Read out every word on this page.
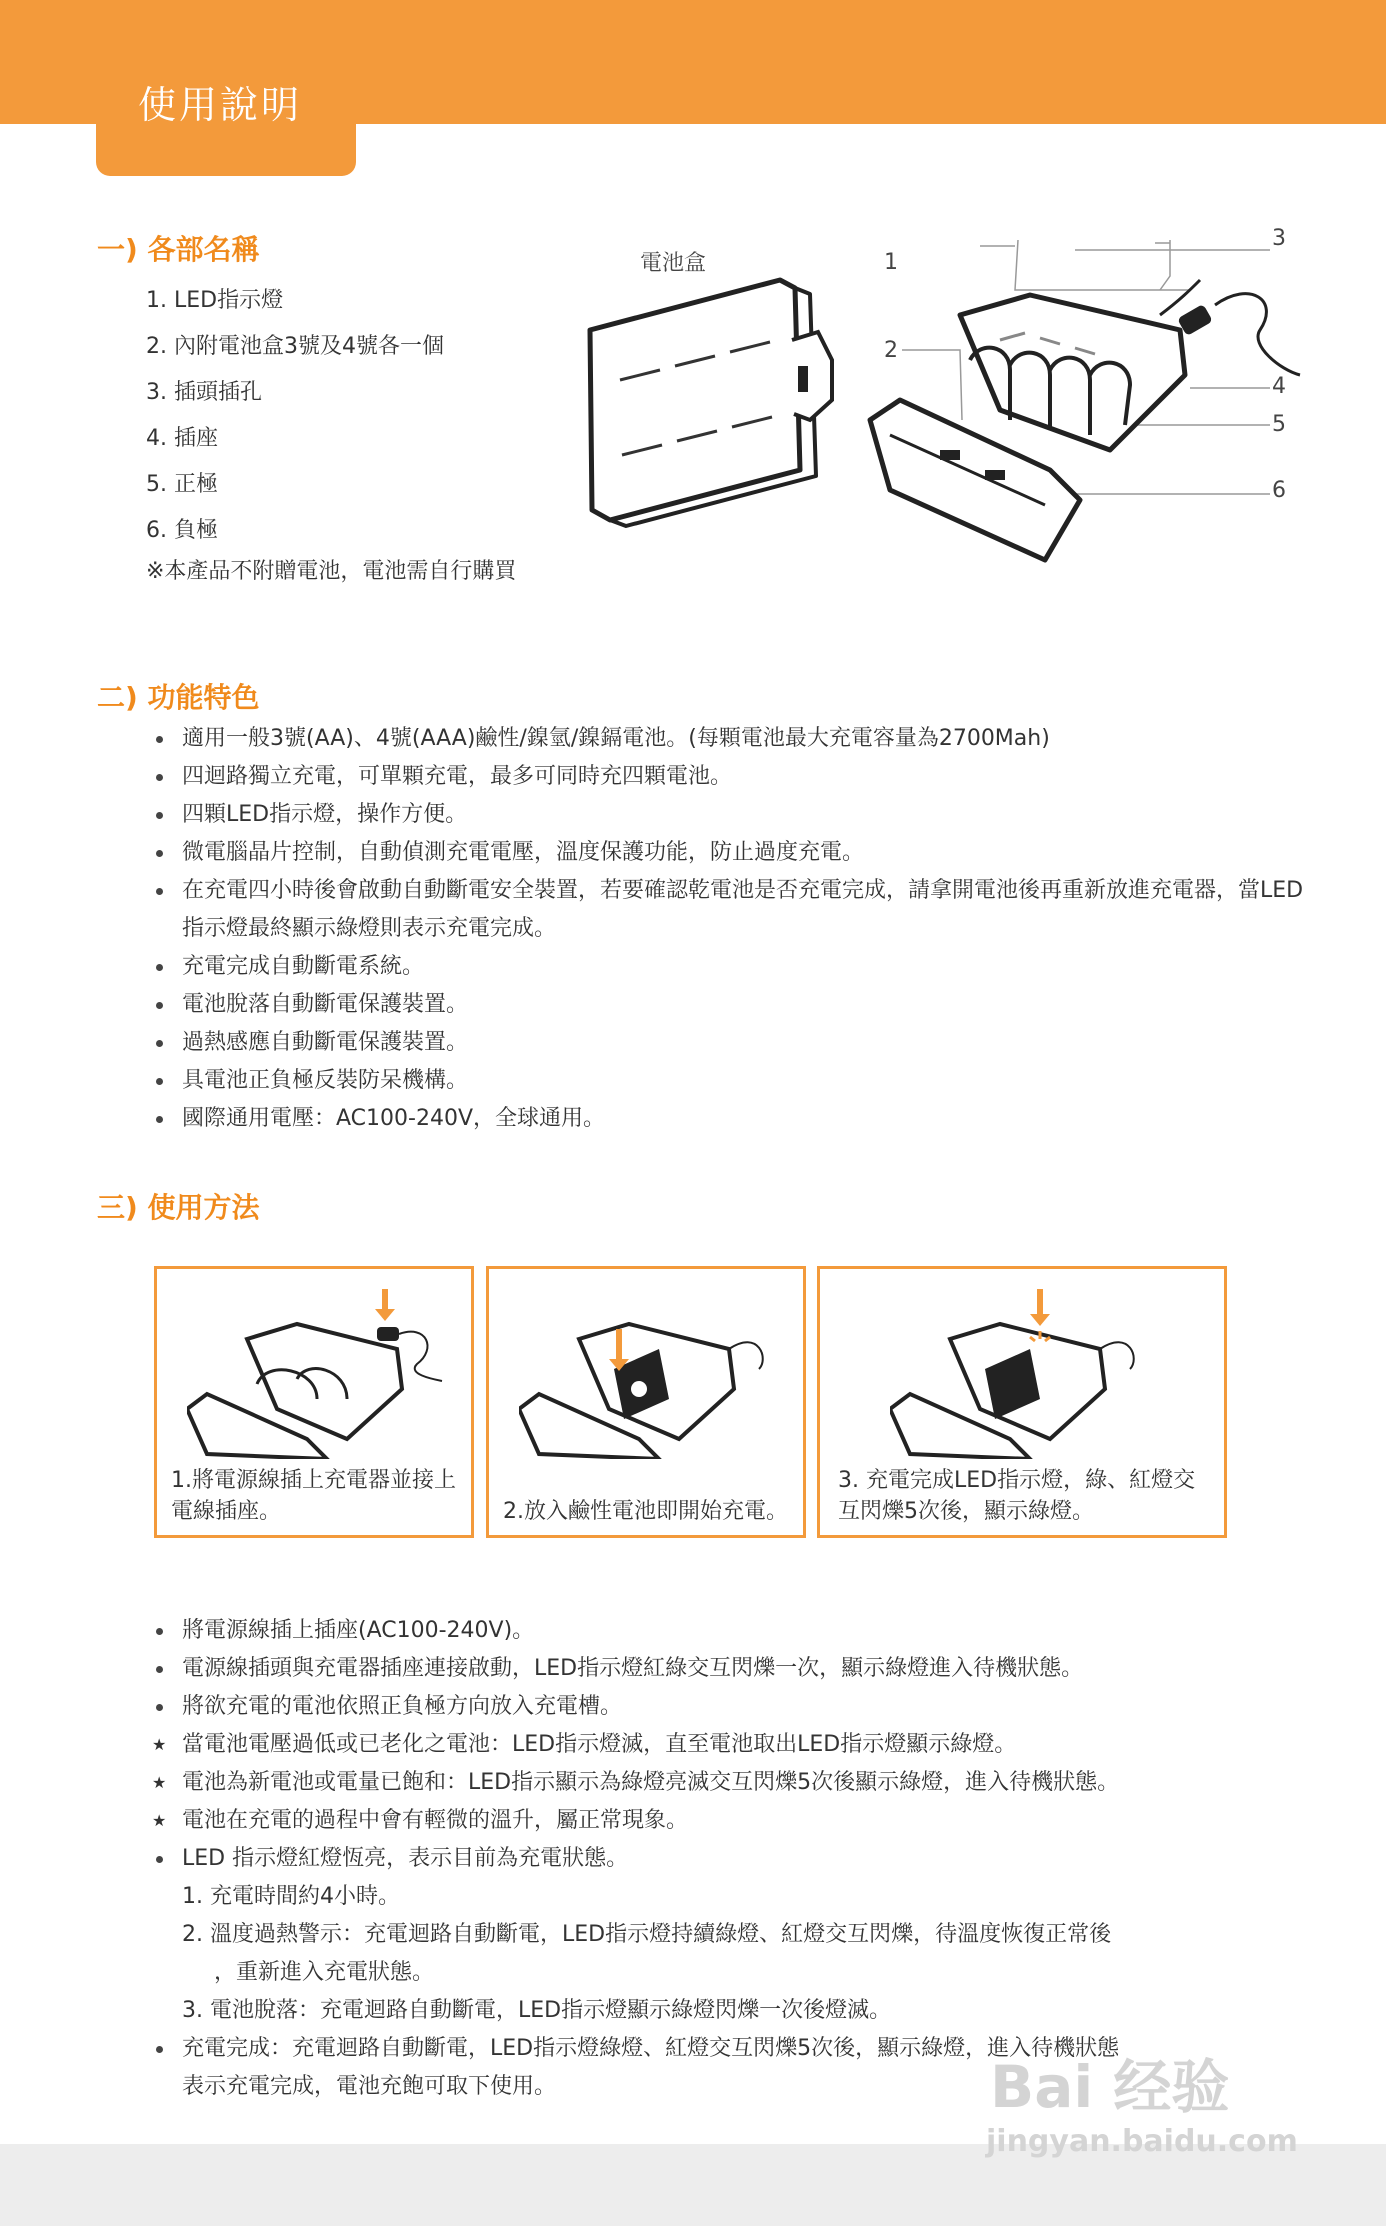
使用說明
一) 各部名稱
1. LED指示燈
2. 內附電池盒3號及4號各一個
3. 插頭插孔
4. 插座
5. 正極
6. 負極
※本產品不附贈電池，電池需自行購買
電池盒	1
2
3
4
5
6
二) 功能特色
適用一般3號(AA)、4號(AAA)鹼性/鎳氫/鎳鎘電池。(每顆電池最大充電容量為2700Mah)
四迴路獨立充電，可單顆充電，最多可同時充四顆電池。
四顆LED指示燈，操作方便。
微電腦晶片控制，自動偵測充電電壓，溫度保護功能，防止過度充電。
在充電四小時後會啟動自動斷電安全裝置，若要確認乾電池是否充電完成，請拿開電池後再重新放進充電器，當LED指示燈最終顯示綠燈則表示充電完成。
充電完成自動斷電系統。
電池脫落自動斷電保護裝置。
過熱感應自動斷電保護裝置。
具電池正負極反裝防呆機構。
國際通用電壓：AC100-240V，全球通用。
三) 使用方法
1.將電源線插上充電器並接上電線插座。	2.放入鹼性電池即開始充電。
3. 充電完成LED指示燈，綠、紅燈交互閃爍5次後，顯示綠燈。
將電源線插上插座(AC100-240V)。
電源線插頭與充電器插座連接啟動，LED指示燈紅綠交互閃爍一次，顯示綠燈進入待機狀態。
將欲充電的電池依照正負極方向放入充電槽。
★ 當電池電壓過低或已老化之電池：LED指示燈滅，直至電池取出LED指示燈顯示綠燈。
★ 電池為新電池或電量已飽和：LED指示顯示為綠燈亮滅交互閃爍5次後顯示綠燈，進入待機狀態。
★ 電池在充電的過程中會有輕微的溫升，屬正常現象。
LED 指示燈紅燈恆亮，表示目前為充電狀態。
1. 充電時間約4小時。
2. 溫度過熱警示：充電迴路自動斷電，LED指示燈持續綠燈、紅燈交互閃爍，待溫度恢復正常後
，重新進入充電狀態。
3. 電池脫落：充電迴路自動斷電，LED指示燈顯示綠燈閃爍一次後燈滅。
充電完成：充電迴路自動斷電，LED指示燈綠燈、紅燈交互閃爍5次後，顯示綠燈，進入待機狀態
表示充電完成，電池充飽可取下使用。	Bai 经验
jingyan.baidu.com
